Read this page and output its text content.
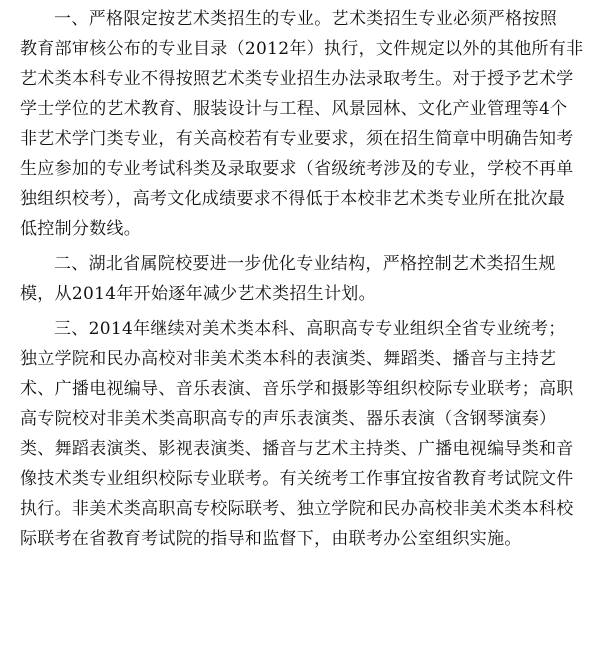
一、严格限定按艺术类招生的专业。艺术类招生专业必须严格按照
教育部审核公布的专业目录（2012年）执行，文件规定以外的其他所有非
艺术类本科专业不得按照艺术类专业招生办法录取考生。对于授予艺术学
学士学位的艺术教育、服装设计与工程、风景园林、文化产业管理等4个
非艺术学门类专业，有关高校若有专业要求，须在招生简章中明确告知考
生应参加的专业考试科类及录取要求（省级统考涉及的专业，学校不再单
独组织校考），高考文化成绩要求不得低于本校非艺术类专业所在批次最
低控制分数线。
二、湖北省属院校要进一步优化专业结构，严格控制艺术类招生规
模，从2014年开始逐年减少艺术类招生计划。
三、2014年继续对美术类本科、高职高专专业组织全省专业统考；
独立学院和民办高校对非美术类本科的表演类、舞蹈类、播音与主持艺
术、广播电视编导、音乐表演、音乐学和摄影等组织校际专业联考；高职
高专院校对非美术类高职高专的声乐表演类、器乐表演（含钢琴演奏）
类、舞蹈表演类、影视表演类、播音与艺术主持类、广播电视编导类和音
像技术类专业组织校际专业联考。有关统考工作事宜按省教育考试院文件
执行。非美术类高职高专校际联考、独立学院和民办高校非美术类本科校
际联考在省教育考试院的指导和监督下，由联考办公室组织实施。
